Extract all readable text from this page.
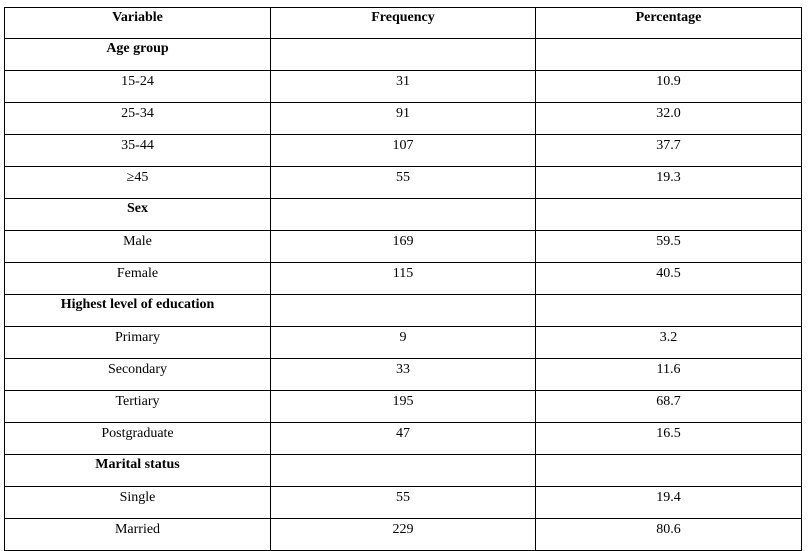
Variable	Frequency	Percentage
Age group		
15-24	31	10.9
25-34	91	32.0
35-44	107	37.7
≥45	55	19.3
Sex		
Male	169	59.5
Female	115	40.5
Highest level of education		
Primary	9	3.2
Secondary	33	11.6
Tertiary	195	68.7
Postgraduate	47	16.5
Marital status		
Single	55	19.4
Married	229	80.6
